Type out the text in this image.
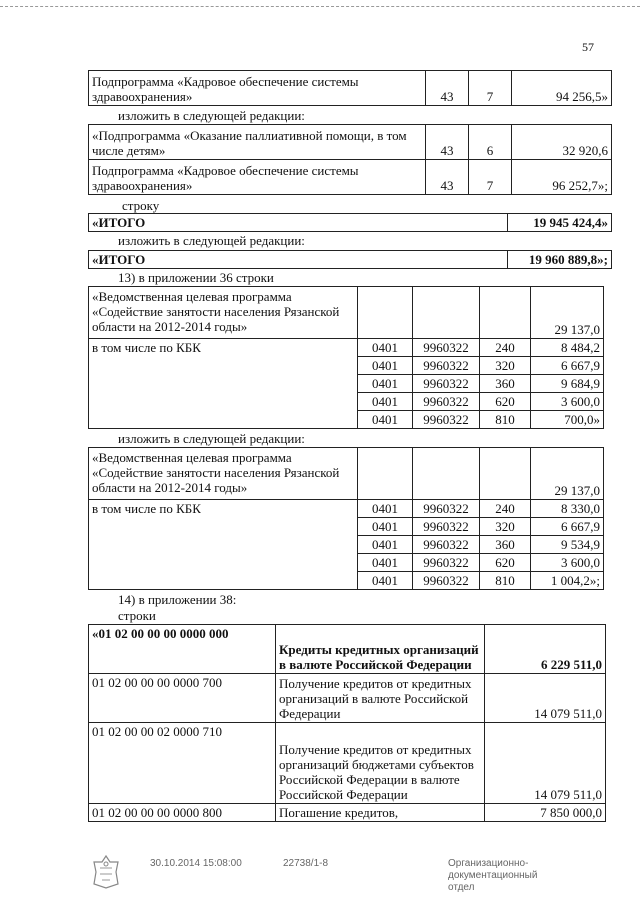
57
Подпрограмма «Кадровое обеспечение системы здравоохранения»	43	7	94 256,5»
изложить в следующей редакции:
«Подпрограмма «Оказание паллиативной помощи, в том числе детям»	43	6	32 920,6
Подпрограмма «Кадровое обеспечение системы здравоохранения»	43	7	96 252,7»;
строку
«ИТОГО	19 945 424,4»
изложить в следующей редакции:
«ИТОГО	19 960 889,8»;
13) в приложении 36 строки
«Ведомственная целевая программа «Содействие занятости населения Рязанской области на 2012-2014 годы»				29 137,0
в том числе по КБК	0401	9960322	240	8 484,2
	0401	9960322	320	6 667,9
	0401	9960322	360	9 684,9
	0401	9960322	620	3 600,0
	0401	9960322	810	700,0»
изложить в следующей редакции:
«Ведомственная целевая программа «Содействие занятости населения Рязанской области на 2012-2014 годы»				29 137,0
в том числе по КБК	0401	9960322	240	8 330,0
	0401	9960322	320	6 667,9
	0401	9960322	360	9 534,9
	0401	9960322	620	3 600,0
	0401	9960322	810	1 004,2»;
14) в приложении 38:
строки
«01 02 00 00 00 0000 000	Кредиты кредитных организаций в валюте Российской Федерации	6 229 511,0
01 02 00 00 00 0000 700	Получение кредитов от кредитных организаций в валюте Российской Федерации	14 079 511,0
01 02 00 00 02 0000 710	Получение кредитов от кредитных организаций бюджетами субъектов Российской Федерации в валюте Российской Федерации	14 079 511,0
01 02 00 00 00 0000 800	Погашение кредитов,	7 850 000,0
30.10.2014 15:08:00	22738/1-8	Организационно-документационный отдел
